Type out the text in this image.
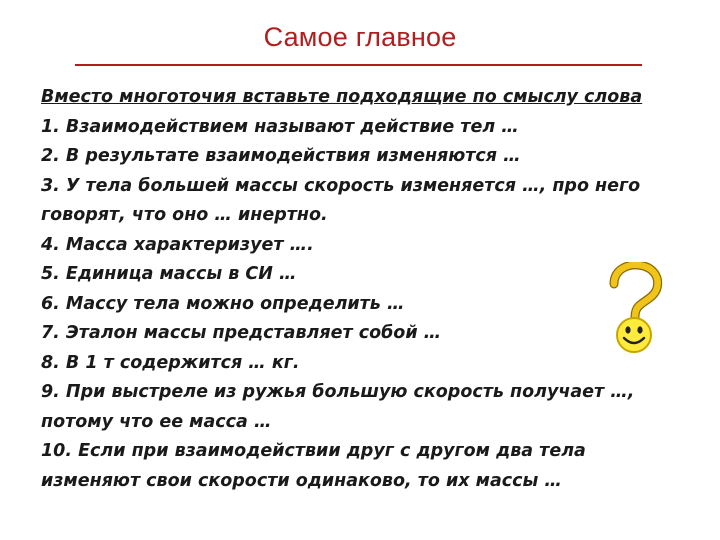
Самое главное
Вместо многоточия вставьте подходящие по смыслу слова
1. Взаимодействием называют действие тел …
2. В результате взаимодействия изменяются …
3. У тела большей массы скорость изменяется …, про него
говорят, что оно … инертно.
4. Масса характеризует ….
5. Единица массы в СИ …
6. Массу тела можно определить …
7. Эталон массы представляет собой …
8. В 1 т содержится … кг.
9. При выстреле из ружья большую скорость получает …,
потому что ее масса …
10. Если при взаимодействии друг с другом два тела
изменяют свои скорости одинаково, то их массы …
